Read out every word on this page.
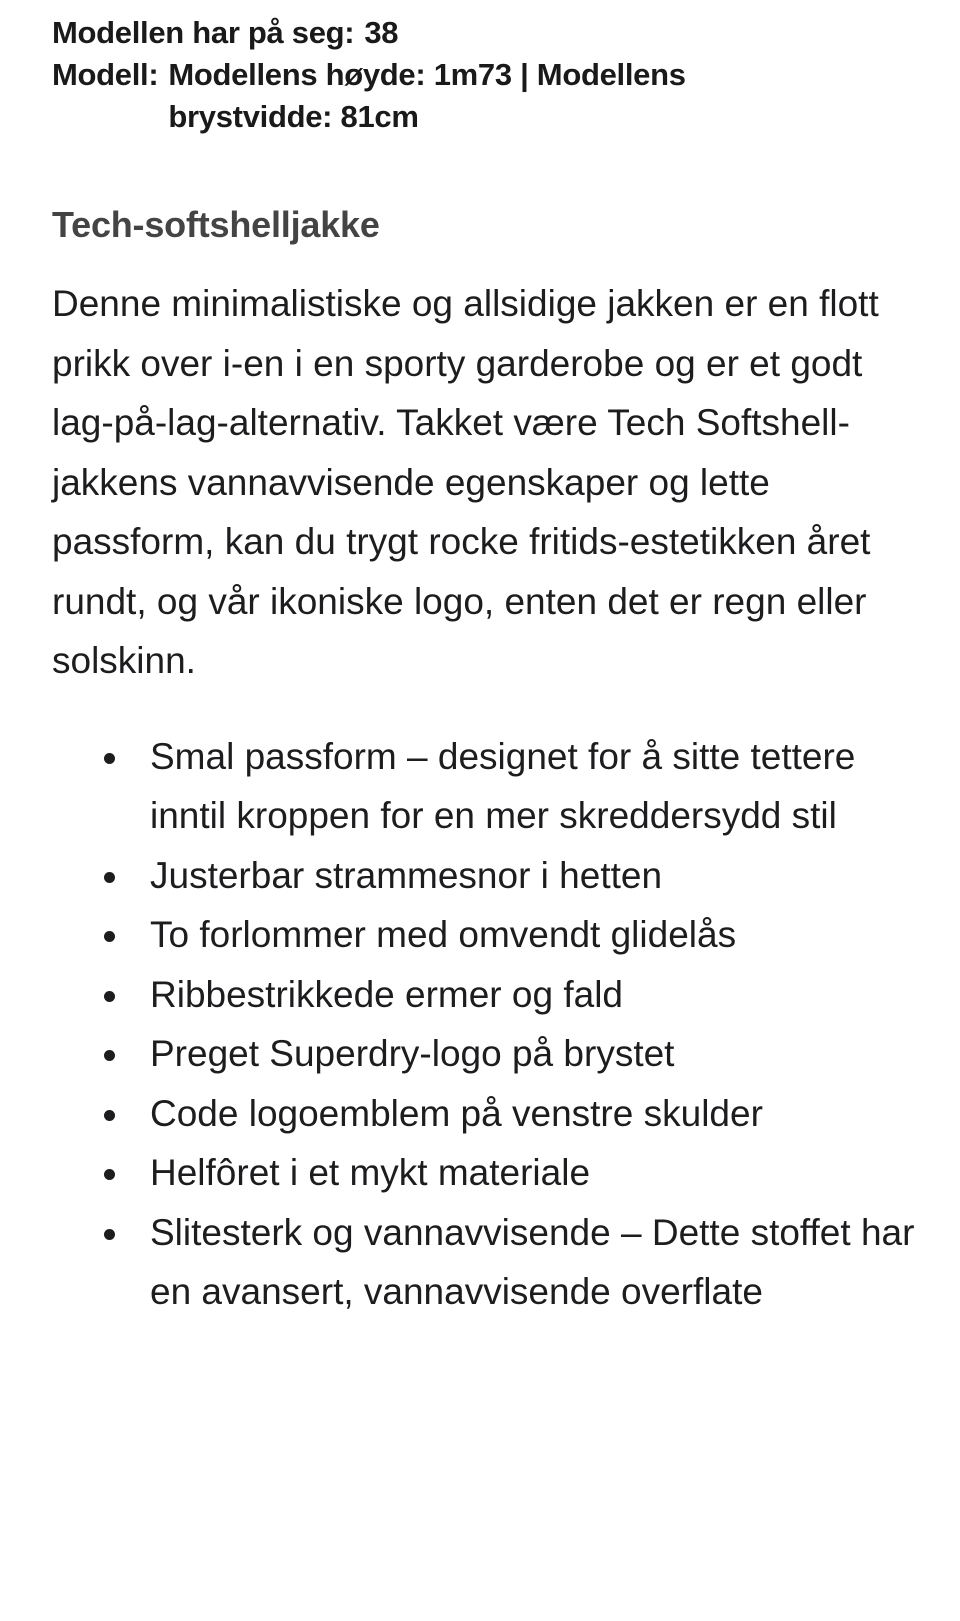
Modellen har på seg: 38
Modell: Modellens høyde: 1m73 | Modellens brystvidde: 81cm
Tech-softshelljakke
Denne minimalistiske og allsidige jakken er en flott prikk over i-en i en sporty garderobe og er et godt lag-på-lag-alternativ. Takket være Tech Softshell-jakkens vannavvisende egenskaper og lette passform, kan du trygt rocke fritids-estetikken året rundt, og vår ikoniske logo, enten det er regn eller solskinn.
Smal passform – designet for å sitte tettere inntil kroppen for en mer skreddersydd stil
Justerbar strammesnor i hetten
To forlommer med omvendt glidelås
Ribbestrikkede ermer og fald
Preget Superdry-logo på brystet
Code logoemblem på venstre skulder
Helfôret i et mykt materiale
Slitesterk og vannavvisende – Dette stoffet har en avansert, vannavvisende overflate
